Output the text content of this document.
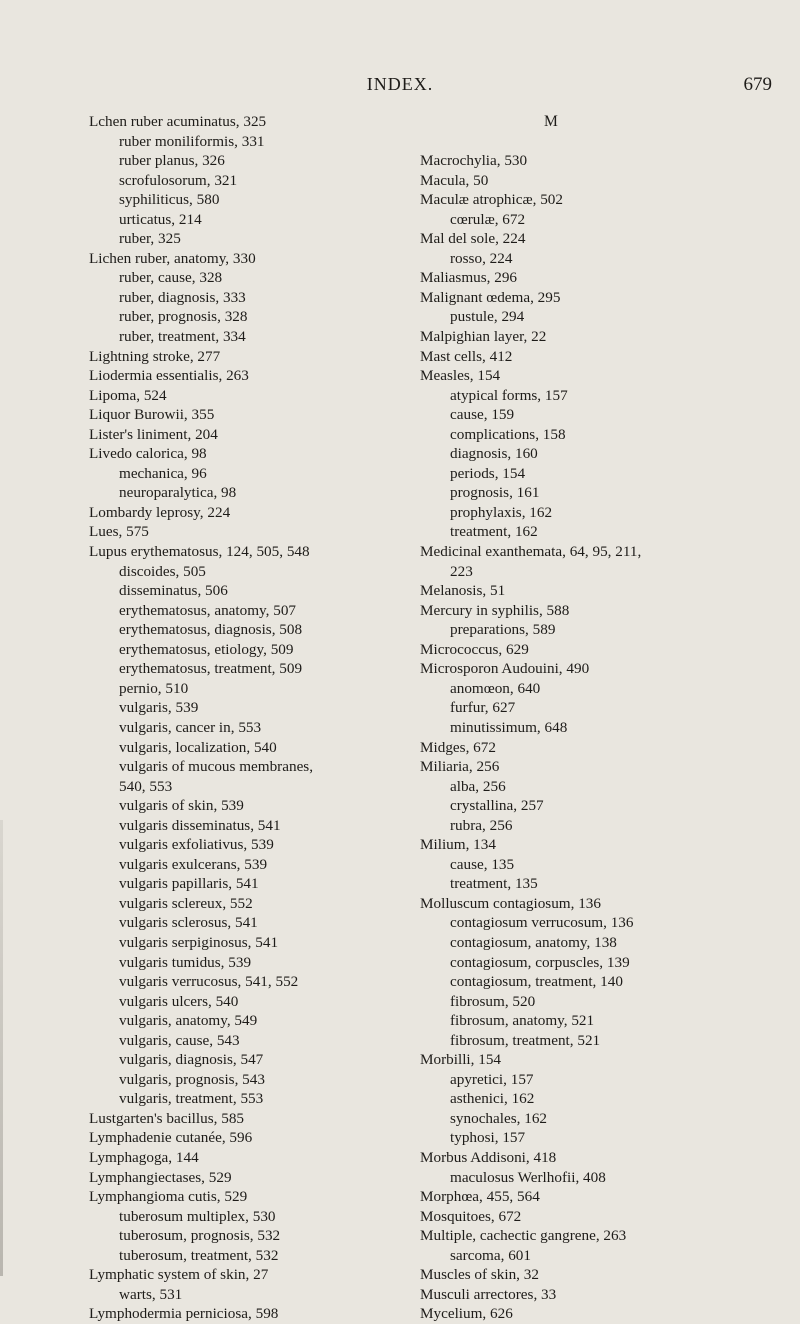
INDEX.	679
Lchen ruber acuminatus, 325
ruber moniliformis, 331
ruber planus, 326
scrofulosorum, 321
syphiliticus, 580
urticatus, 214
ruber, 325
Lichen ruber, anatomy, 330
ruber, cause, 328
ruber, diagnosis, 333
ruber, prognosis, 328
ruber, treatment, 334
Lightning stroke, 277
Liodermia essentialis, 263
Lipoma, 524
Liquor Burowii, 355
Lister's liniment, 204
Livedo calorica, 98
mechanica, 96
neuroparalytica, 98
Lombardy leprosy, 224
Lues, 575
Lupus erythematosus, 124, 505, 548
discoides, 505
disseminatus, 506
erythematosus, anatomy, 507
erythematosus, diagnosis, 508
erythematosus, etiology, 509
erythematosus, treatment, 509
pernio, 510
vulgaris, 539
vulgaris, cancer in, 553
vulgaris, localization, 540
vulgaris of mucous membranes,
540, 553
vulgaris of skin, 539
vulgaris disseminatus, 541
vulgaris exfoliativus, 539
vulgaris exulcerans, 539
vulgaris papillaris, 541
vulgaris sclereux, 552
vulgaris sclerosus, 541
vulgaris serpiginosus, 541
vulgaris tumidus, 539
vulgaris verrucosus, 541, 552
vulgaris ulcers, 540
vulgaris, anatomy, 549
vulgaris, cause, 543
vulgaris, diagnosis, 547
vulgaris, prognosis, 543
vulgaris, treatment, 553
Lustgarten's bacillus, 585
Lymphadenie cutanée, 596
Lymphagoga, 144
Lymphangiectases, 529
Lymphangioma cutis, 529
tuberosum multiplex, 530
tuberosum, prognosis, 532
tuberosum, treatment, 532
Lymphatic system of skin, 27
warts, 531
Lymphodermia perniciosa, 598
M
Macrochylia, 530
Macula, 50
Maculæ atrophicæ, 502
cœrulæ, 672
Mal del sole, 224
rosso, 224
Maliasmus, 296
Malignant œdema, 295
pustule, 294
Malpighian layer, 22
Mast cells, 412
Measles, 154
atypical forms, 157
cause, 159
complications, 158
diagnosis, 160
periods, 154
prognosis, 161
prophylaxis, 162
treatment, 162
Medicinal exanthemata, 64, 95, 211,
223
Melanosis, 51
Mercury in syphilis, 588
preparations, 589
Micrococcus, 629
Microsporon Audouini, 490
anomœon, 640
furfur, 627
minutissimum, 648
Midges, 672
Miliaria, 256
alba, 256
crystallina, 257
rubra, 256
Milium, 134
cause, 135
treatment, 135
Molluscum contagiosum, 136
contagiosum verrucosum, 136
contagiosum, anatomy, 138
contagiosum, corpuscles, 139
contagiosum, treatment, 140
fibrosum, 520
fibrosum, anatomy, 521
fibrosum, treatment, 521
Morbilli, 154
apyretici, 157
asthenici, 162
synochales, 162
typhosi, 157
Morbus Addisoni, 418
maculosus Werlhofii, 408
Morphœa, 455, 564
Mosquitoes, 672
Multiple, cachectic gangrene, 263
sarcoma, 601
Muscles of skin, 32
Musculi arrectores, 33
Mycelium, 626
